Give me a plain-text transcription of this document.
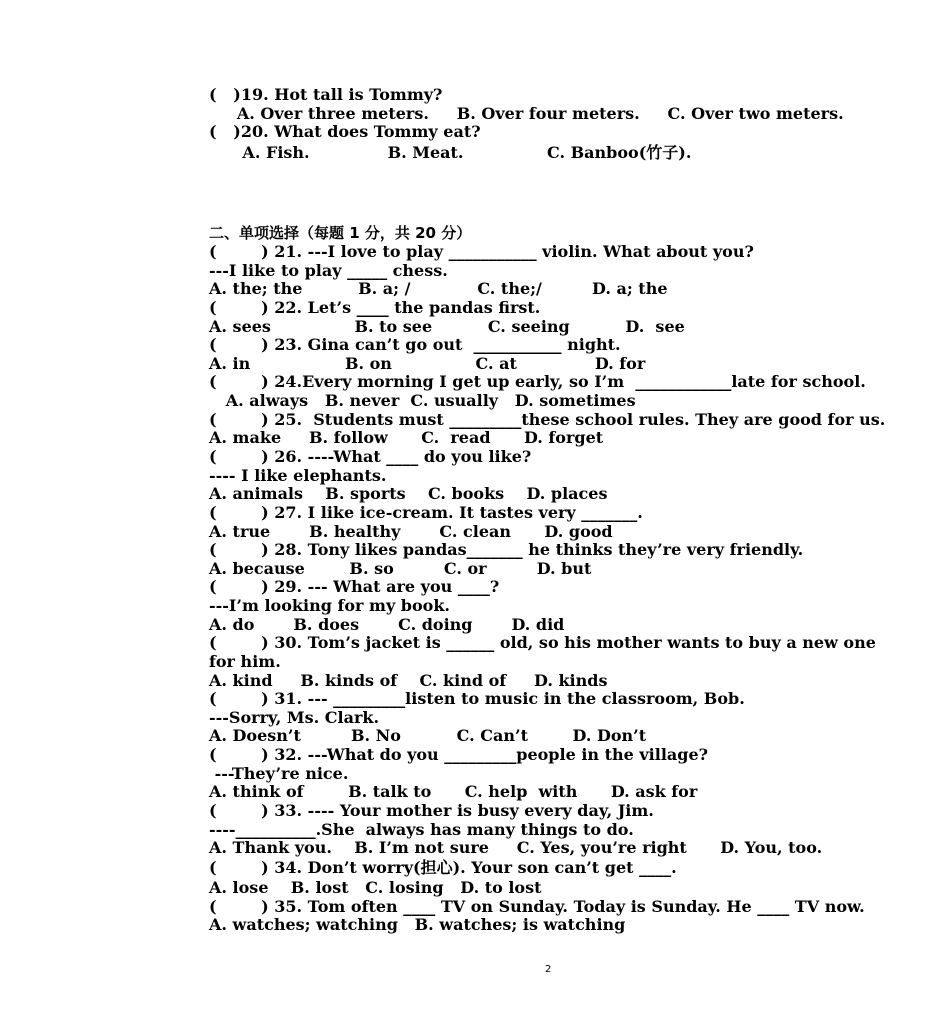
(   )19. Hot tall is Tommy?
A. Over three meters.     B. Over four meters.     C. Over two meters.
(   )20. What does Tommy eat?
A. Fish.              B. Meat.               C. Banboo(竹子).
二、单项选择（每题 1 分，共 20 分）
(        ) 21. ---I love to play ___________ violin. What about you?
---I like to play _____ chess.
A. the; the          B. a; /            C. the;/         D. a; the
(        ) 22. Let’s ____ the pandas first.
A. sees               B. to see          C. seeing          D.  see
(        ) 23. Gina can’t go out  ___________ night.
A. in                 B. on               C. at              D. for
(        ) 24.Every morning I get up early, so I’m  ____________late for school.
A. always   B. never  C. usually   D. sometimes
(        ) 25.  Students must _________these school rules. They are good for us.
A. make     B. follow      C.  read      D. forget
(        ) 26. ----What ____ do you like?
---- I like elephants.
A. animals    B. sports    C. books    D. places
(        ) 27. I like ice-cream. It tastes very _______.
A. true       B. healthy       C. clean      D. good
(        ) 28. Tony likes pandas_______ he thinks they’re very friendly.
A. because        B. so         C. or         D. but
(        ) 29. --- What are you ____?
---I’m looking for my book.
A. do       B. does       C. doing       D. did
(        ) 30. Tom’s jacket is ______ old, so his mother wants to buy a new one
for him.
A. kind     B. kinds of    C. kind of     D. kinds
(        ) 31. --- _________listen to music in the classroom, Bob.
---Sorry, Ms. Clark.
A. Doesn’t         B. No          C. Can’t        D. Don’t
(        ) 32. ---What do you _________people in the village?
---They’re nice.
A. think of        B. talk to      C. help  with      D. ask for
(        ) 33. ---- Your mother is busy every day, Jim.
----__________.She  always has many things to do.
A. Thank you.    B. I’m not sure     C. Yes, you’re right      D. You, too.
(        ) 34. Don’t worry(担心). Your son can’t get ____.
A. lose    B. lost   C. losing   D. to lost
(        ) 35. Tom often ____ TV on Sunday. Today is Sunday. He ____ TV now.
A. watches; watching   B. watches; is watching
2
